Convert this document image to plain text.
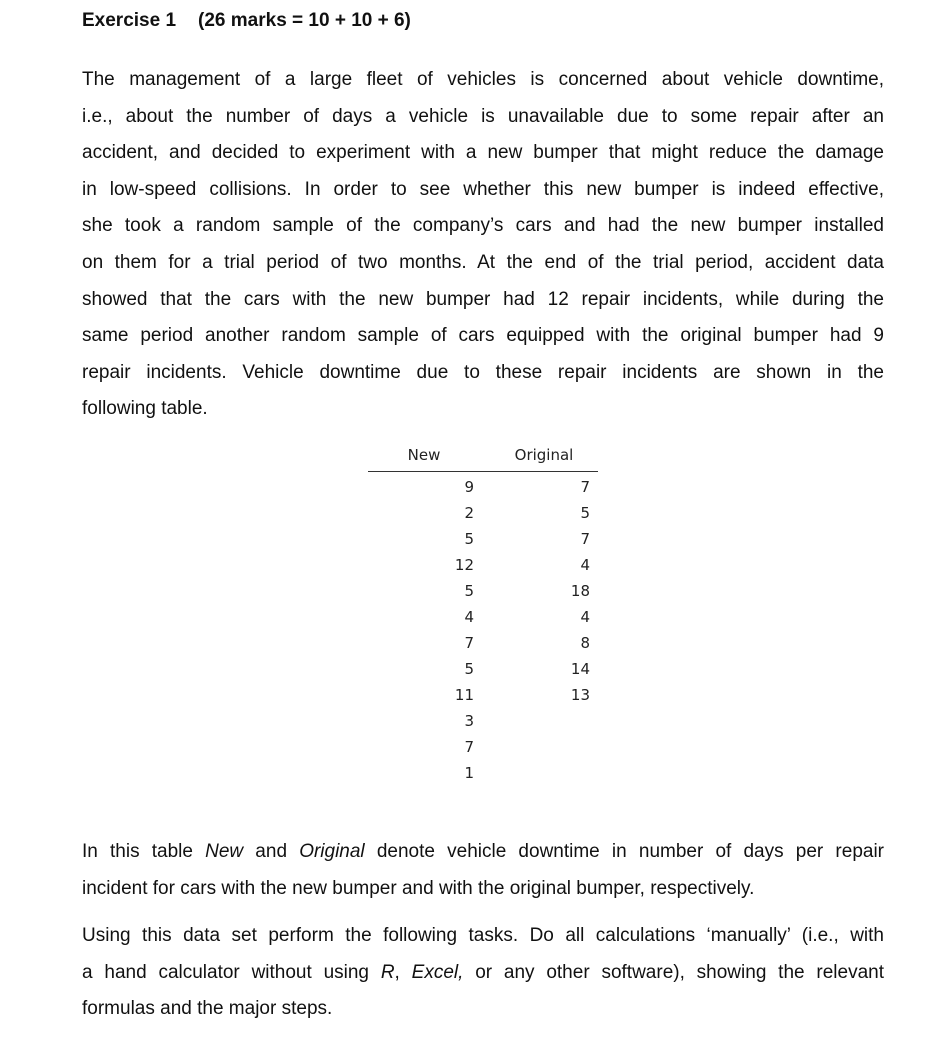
Exercise 1 (26 marks = 10 + 10 + 6)
The management of a large fleet of vehicles is concerned about vehicle downtime,
i.e., about the number of days a vehicle is unavailable due to some repair after an
accident, and decided to experiment with a new bumper that might reduce the damage
in low-speed collisions. In order to see whether this new bumper is indeed effective,
she took a random sample of the company’s cars and had the new bumper installed
on them for a trial period of two months. At the end of the trial period, accident data
showed that the cars with the new bumper had 12 repair incidents, while during the
same period another random sample of cars equipped with the original bumper had 9
repair incidents. Vehicle downtime due to these repair incidents are shown in the
following table.
New	Original
9	7
2	5
5	7
12	4
5	18
4	4
7	8
5	14
11	13
3
7
1
In this table New and Original denote vehicle downtime in number of days per repair
incident for cars with the new bumper and with the original bumper, respectively.
Using this data set perform the following tasks. Do all calculations ‘manually’ (i.e., with
a hand calculator without using R, Excel, or any other software), showing the relevant
formulas and the major steps.
